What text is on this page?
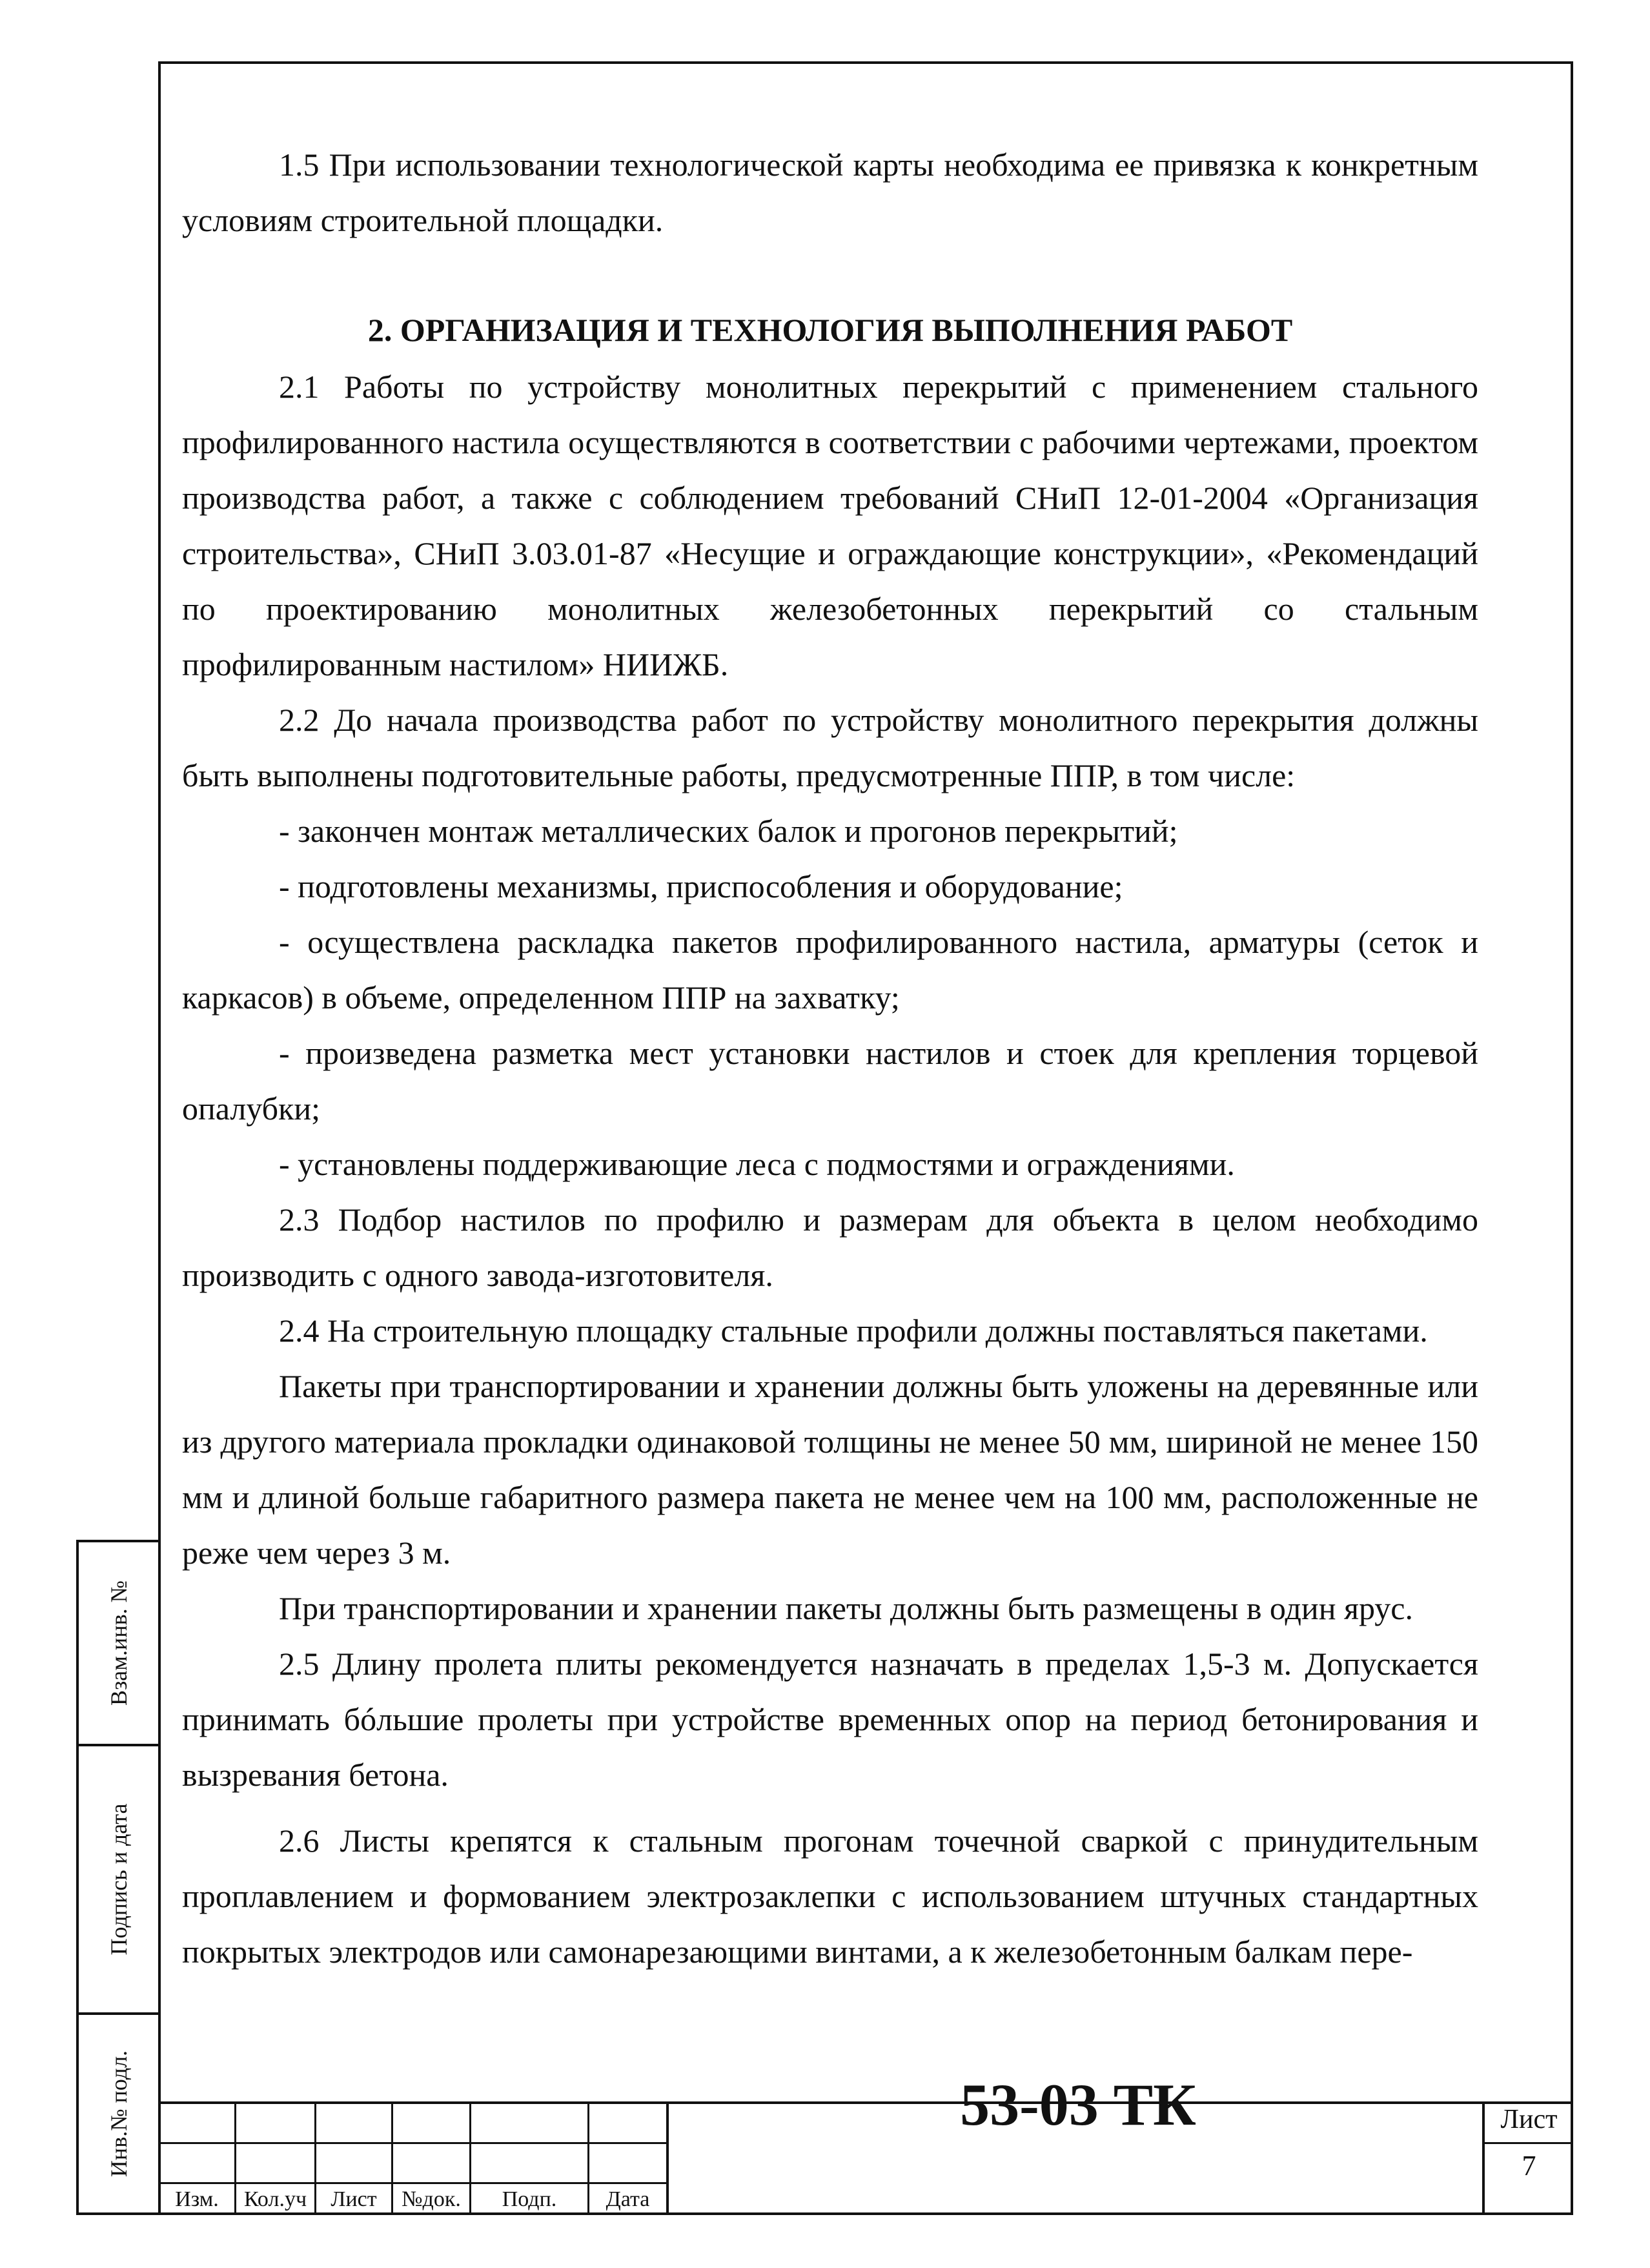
1.5 При использовании технологической карты необходима ее привязка к конкретным условиям строительной площадки.
2. ОРГАНИЗАЦИЯ И ТЕХНОЛОГИЯ ВЫПОЛНЕНИЯ РАБОТ
2.1 Работы по устройству монолитных перекрытий с применением стального профилированного настила осуществляются в соответствии с рабочими чертежами, проектом производства работ, а также с соблюдением требований СНиП 12-01-2004 «Организация строительства», СНиП 3.03.01-87 «Несущие и ограждающие конструкции», «Рекомендаций по проектированию монолитных железобетонных перекрытий со стальным профилированным настилом» НИИЖБ.
2.2 До начала производства работ по устройству монолитного перекрытия должны быть выполнены подготовительные работы, предусмотренные ППР, в том числе:
- закончен монтаж металлических балок и прогонов перекрытий;
- подготовлены механизмы, приспособления и оборудование;
- осуществлена раскладка пакетов профилированного настила, арматуры (сеток и каркасов) в объеме, определенном ППР на захватку;
- произведена разметка мест установки настилов и стоек для крепления торцевой опалубки;
- установлены поддерживающие леса с подмостями и ограждениями.
2.3 Подбор настилов по профилю и размерам для объекта в целом необходимо производить с одного завода-изготовителя.
2.4 На строительную площадку стальные профили должны поставляться пакетами.
Пакеты при транспортировании и хранении должны быть уложены на деревянные или из другого материала прокладки одинаковой толщины не менее 50 мм, шириной не менее 150 мм и длиной больше габаритного размера пакета не менее чем на 100 мм, расположенные не реже чем через 3 м.
При транспортировании и хранении пакеты должны быть размещены в один ярус.
2.5 Длину пролета плиты рекомендуется назначать в пределах 1,5-3 м. Допускается принимать бóльшие пролеты при устройстве временных опор на период бетонирования и вызревания бетона.
2.6 Листы крепятся к стальным прогонам точечной сваркой с принудительным проплавлением и формованием электрозаклепки с использованием штучных стандартных покрытых электродов или самонарезающими винтами, а к железобетонным балкам пере-
Взам.инв. №
Подпись и дата
Инв.№ подл.
Изм.	Кол.уч	Лист	№док.	Подп.	Дата
53-03 ТК	Лист
7
